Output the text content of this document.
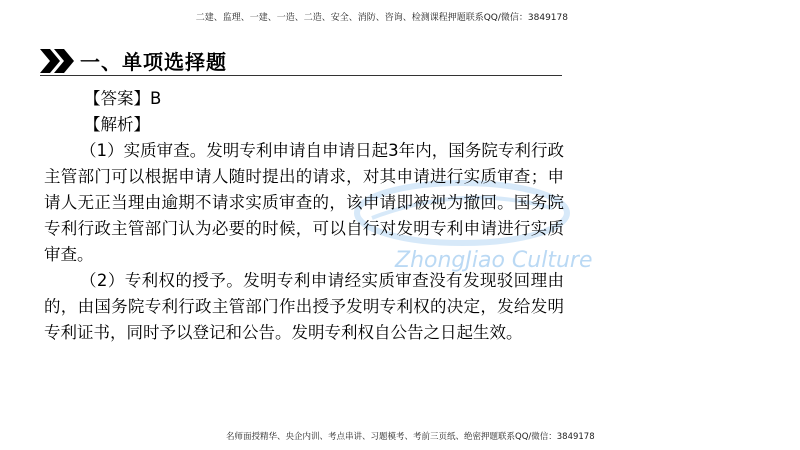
二建、监理、一建、一造、二造、安全、消防、咨询、检测课程押题联系QQ/微信：3849178
一、单项选择题
ZhongJiao Culture

【答案】B

【解析】

（1）实质审查。发明专利申请自申请日起3年内，国务院专利行政主管部门可以根据申请人随时提出的请求，对其申请进行实质审查；申请人无正当理由逾期不请求实质审查的，该申请即被视为撤回。国务院专利行政主管部门认为必要的时候，可以自行对发明专利申请进行实质审查。

（2）专利权的授予。发明专利申请经实质审查没有发现驳回理由的，由国务院专利行政主管部门作出授予发明专利权的决定，发给发明专利证书，同时予以登记和公告。发明专利权自公告之日起生效。

名师面授精华、央企内训、考点串讲、习题模考、考前三页纸、绝密押题联系QQ/微信：3849178
